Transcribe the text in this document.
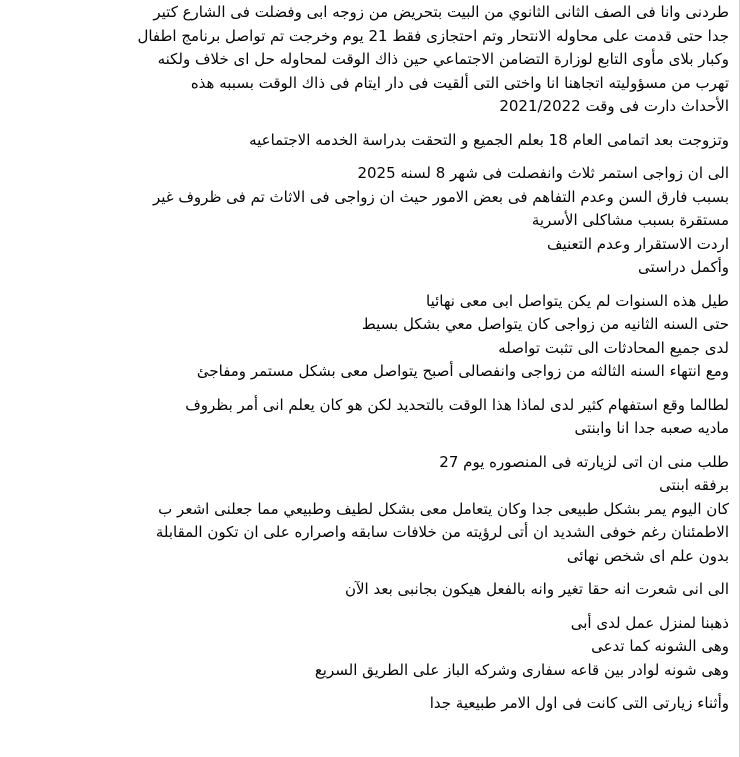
طردنى وانا فى الصف الثانى الثانوي من البيت بتحريض من زوجه ابى وفضلت فى الشارع كتير
جدا حتى قدمت على محاوله الانتحار وتم احتجازى فقط 21 يوم وخرجت تم تواصل برنامج اطفال
وكبار بلاى مأوى التابع لوزارة التضامن الاجتماعي حين ذاك الوقت لمحاوله حل اى خلاف ولكنه
تهرب من مسؤوليته اتجاهنا انا واختى التى ألقيت فى دار ايتام فى ذاك الوقت بسببه هذه
الأحداث دارت فى وقت 2021/2022
وتزوجت بعد اتمامى العام 18 بعلم الجميع و التحقت بدراسة الخدمه الاجتماعيه
الى ان زواجى استمر ثلاث وانفصلت فى شهر 8 لسنه 2025
بسبب فارق السن وعدم التفاهم فى بعض الامور حيث ان زواجى فى الاثاث تم فى ظروف غير
مستقرة بسبب مشاكلى الأسرية
اردت الاستقرار وعدم التعنيف
وأكمل دراستى
طيل هذه السنوات لم يكن يتواصل ابى معى نهائيا
حتى السنه الثانيه من زواجى كان يتواصل معي بشكل بسيط
لدى جميع المحادثات الى تثبت تواصله
ومع انتهاء السنه الثالثه من زواجى وانفصالى أصبح يتواصل معى بشكل مستمر ومفاجئ
لطالما وقع استفهام كثير لدى لماذا هذا الوقت بالتحديد لكن هو كان يعلم انى أمر بظروف
ماديه صعبه جدا انا وابنتى
طلب منى ان اتى لزيارته فى المنصوره يوم 27
برفقه ابنتى
كان اليوم يمر بشكل طبيعى جدا وكان يتعامل معى بشكل لطيف وطبيعي مما جعلنى اشعر ب
الاطمئنان رغم خوفى الشديد ان أتى لرؤيته من خلافات سابقه واصراره على ان تكون المقابلة
بدون علم اى شخص نهائى
الى انى شعرت انه حقا تغير وانه بالفعل هيكون بجانبى بعد الآن
ذهبنا لمنزل عمل لدى أبى
وهى الشونه كما تدعى
وهى شونه لوادر بين قاعه سفارى وشركه الباز على الطريق السريع
وأثناء زيارتى التى كانت فى اول الامر طبيعية جدا
